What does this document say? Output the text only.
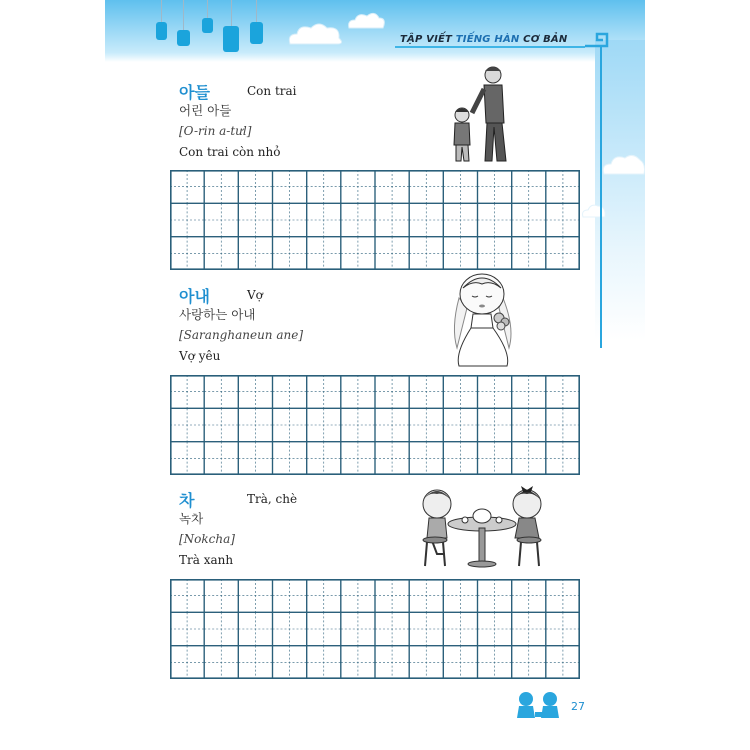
TẬP VIẾT TIẾNG HÀN CƠ BẢN
아들	Con trai
어린 아들
[O-rin a-tưl]
Con trai còn nhỏ
아내	Vợ
사랑하는 아내
[Saranghaneun ane]
Vợ yêu
차	Trà, chè
녹차
[Nokcha]
Trà xanh
27
